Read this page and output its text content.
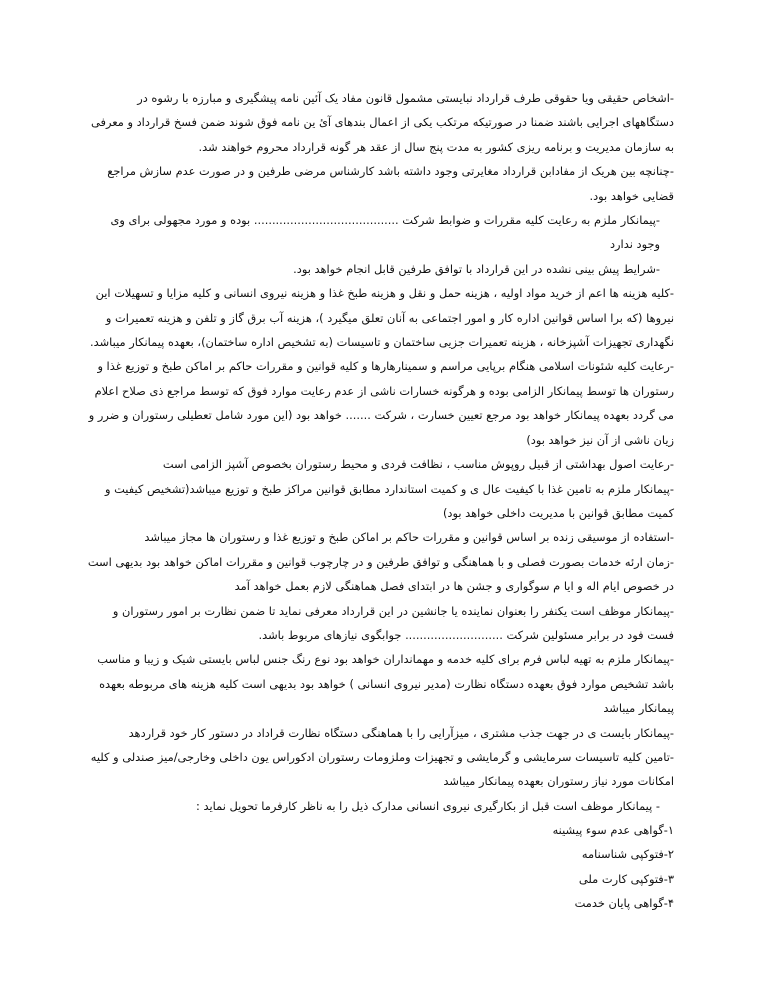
-اشخاص حقیقی ویا حقوقی طرف قرارداد نبایستی مشمول قانون مفاد یک آئین نامه پیشگیری و مبارزه با رشوه در دستگاههای اجرایی باشند ضمنا در صورتیکه مرتکب یکی از اعمال بندهای آئ ین نامه فوق شوند ضمن فسخ قرارداد و معرفی به سازمان مدیریت و برنامه ریزی کشور به مدت پنج سال از عقد هر گونه قرارداد محروم خواهند شد.

-چنانچه بین هریک از مفادابن قرارداد مغایرتی وجود داشته باشد کارشناس مرضی طرفین و در صورت عدم سازش مراجع قضایی خواهد بود.

-پیمانکار ملزم به رعایت کلیه مقررات و ضوابط شرکت ........................................ بوده و مورد مجهولی برای وی وجود ندارد

-شرایط پیش بینی نشده در این قرارداد با توافق طرفین قابل انجام خواهد بود.

-کلیه هزینه ها اعم از خرید مواد اولیه ، هزینه حمل و نقل و هزینه طبخ غذا و هزینه نیروی انسانی و کلیه مزایا و تسهیلات این نیروها (که برا اساس قوانین اداره کار و امور اجتماعی به آنان تعلق میگیرد )، هزینه آب برق گاز و تلفن و هزینه تعمیرات و نگهداری تجهیزات آشپزخانه ، هزینه تعمیرات جزیی ساختمان و تاسیسات (به تشخیص اداره ساختمان)، بعهده پیمانکار میباشد.

-رعایت کلیه شئونات اسلامی هنگام برپایی مراسم و سمینارهارها و کلیه قوانین و مقررات حاکم بر اماکن طبخ و توزیع غذا و رستوران ها توسط پیمانکار الزامی بوده و هرگونه خسارات ناشی از عدم رعایت موارد فوق که توسط مراجع ذی صلاح اعلام می گردد بعهده پیمانکار خواهد بود مرجع تعیین خسارت ، شرکت ....... خواهد بود (این مورد شامل تعطیلی رستوران و ضرر و زیان ناشی از آن نیز خواهد بود)

-رعایت اصول بهداشتی از قبیل روپوش مناسب ، نظافت فردی و محیط رستوران بخصوص آشپز الزامی است

-پیمانکار ملزم به تامین غذا با کیفیت عال ی و کمیت استاندارد مطابق قوانین مراکز طبخ و توزیع میباشد(تشخیص کیفیت و کمیت مطابق قوانین با مدیریت داخلی خواهد بود)

-استفاده از موسیقی زنده بر اساس قوانین و مقررات حاکم بر اماکن طبخ و توزیع غذا و رستوران ها مجاز میباشد

-زمان ارئه خدمات بصورت فصلی و با هماهنگی و توافق طرفین و در چارچوب قوانین و مقررات اماکن خواهد بود بدیهی است در خصوص ایام اله و ایا م سوگواری و جشن ها در ابتدای فصل هماهنگی لازم بعمل خواهد آمد

-پیمانکار موظف است یکنفر را بعنوان نماینده یا جانشین در این قرارداد معرفی نماید تا ضمن نظارت بر امور رستوران و فست فود در برابر مسئولین شرکت ........................... جوابگوی نیازهای مربوط باشد.

-پیمانکار ملزم به تهیه لباس فرم برای کلیه خدمه و مهمانداران خواهد بود نوع رنگ جنس لباس بایستی شیک و زیبا و مناسب باشد تشخیص موارد فوق بعهده دستگاه نظارت (مدیر نیروی انسانی ) خواهد بود بدیهی است کلیه هزینه های مربوطه بعهده پیمانکار میباشد

-پیمانکار بایست ی در جهت جذب مشتری ، میزآرایی را با هماهنگی دستگاه نظارت قراداد در دستور کار خود قراردهد

-تامین کلیه تاسیسات سرمایشی و گرمایشی و تجهیزات وملزومات رستوران ادکوراس یون داخلی وخارجی/میز صندلی و کلیه امکانات مورد نیاز رستوران بعهده پیمانکار میباشد

- پیمانکار موظف است قبل از بکارگیری نیروی انسانی مدارک ذیل را به ناظر کارفرما تحویل نماید :

۱-گواهی عدم سوء پیشینه
۲-فتوکپی شناسنامه
۳-فتوکپی کارت ملی
۴-گواهی پایان خدمت
